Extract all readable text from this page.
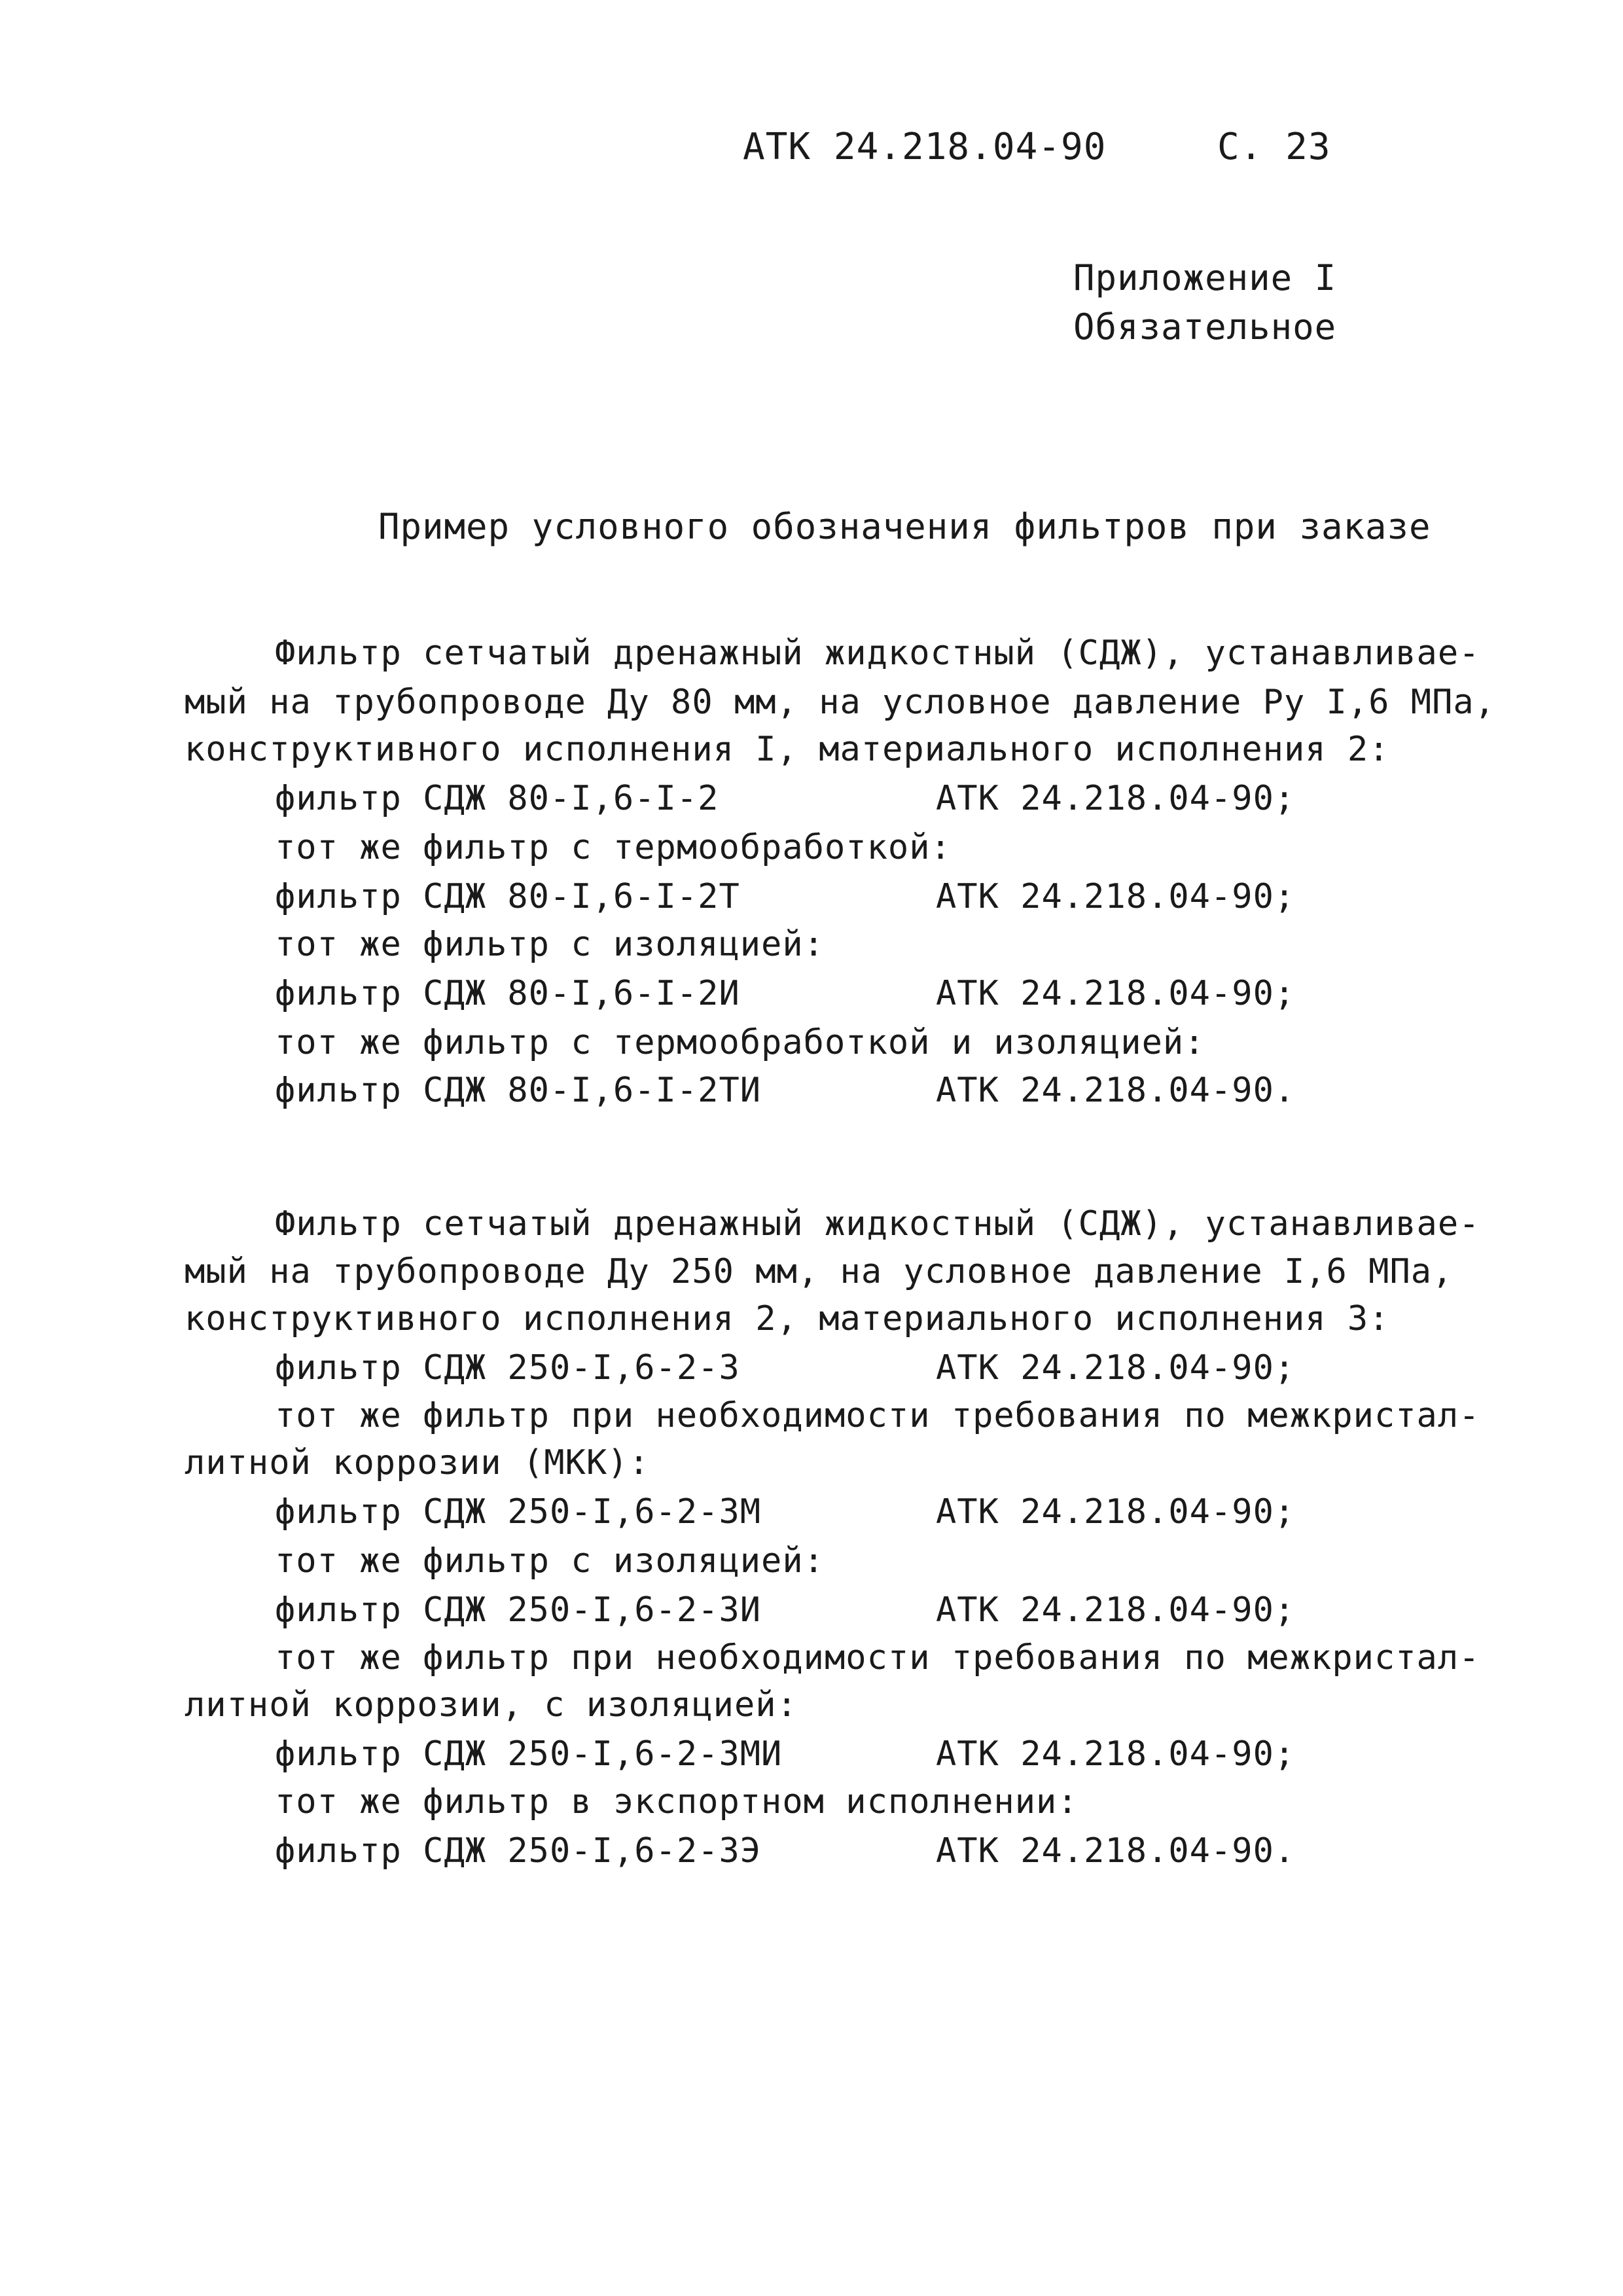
АТК 24.218.04-90	С. 23
Приложение I
Обязательное
Пример условного обозначения фильтров при заказе
Фильтр сетчатый дренажный жидкостный (СДЖ), устанавливае-
мый на трубопроводе Ду 80 мм, на условное давление Ру I,6 МПа,
конструктивного исполнения I, материального исполнения 2:
фильтр СДЖ 80-I,6-I-2	АТК 24.218.04-90;
тот же фильтр с термообработкой:
фильтр СДЖ 80-I,6-I-2Т	АТК 24.218.04-90;
тот же фильтр с изоляцией:
фильтр СДЖ 80-I,6-I-2И	АТК 24.218.04-90;
тот же фильтр с термообработкой и изоляцией:
фильтр СДЖ 80-I,6-I-2ТИ	АТК 24.218.04-90.
Фильтр сетчатый дренажный жидкостный (СДЖ), устанавливае-
мый на трубопроводе Ду 250 мм, на условное давление I,6 МПа,
конструктивного исполнения 2, материального исполнения 3:
фильтр СДЖ 250-I,6-2-3	АТК 24.218.04-90;
тот же фильтр при необходимости требования по межкристал-
литной коррозии (МКК):
фильтр СДЖ 250-I,6-2-3М	АТК 24.218.04-90;
тот же фильтр с изоляцией:
фильтр СДЖ 250-I,6-2-3И	АТК 24.218.04-90;
тот же фильтр при необходимости требования по межкристал-
литной коррозии, с изоляцией:
фильтр СДЖ 250-I,6-2-3МИ	АТК 24.218.04-90;
тот же фильтр в экспортном исполнении:
фильтр СДЖ 250-I,6-2-3Э	АТК 24.218.04-90.
